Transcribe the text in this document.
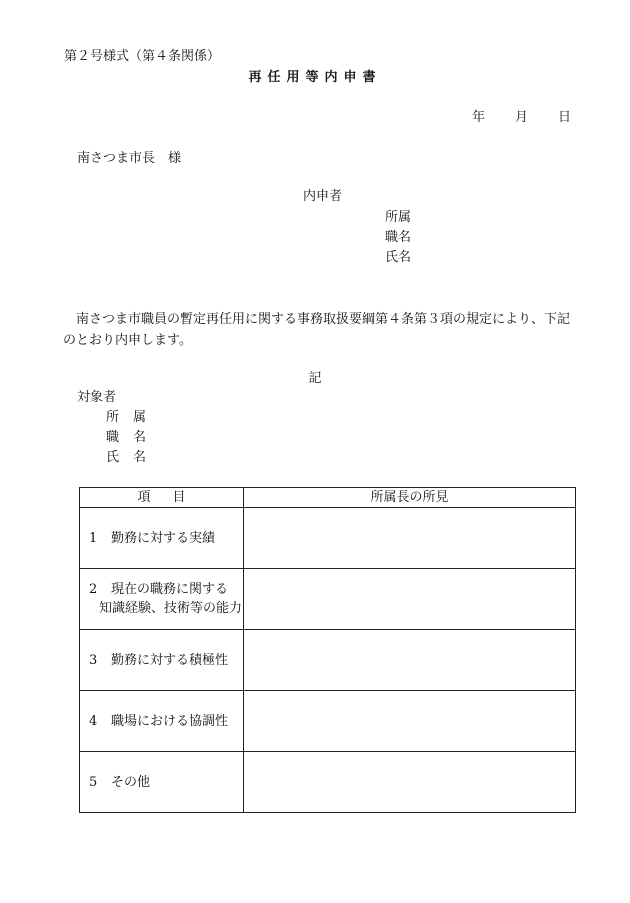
第２号様式（第４条関係）
再任用等内申書
年 月 日
南さつま市長　様
内申者
所属
職名
氏名
南さつま市職員の暫定再任用に関する事務取扱要綱第４条第３項の規定により、下記のとおり内申します。
記
対象者
所属
職名
氏名
項目	所属長の所見
1 勤務に対する実績	
2 現在の職務に関する
知識経験、技術等の能力	

3 勤務に対する積極性	
4 職場における協調性	
5 その他	
